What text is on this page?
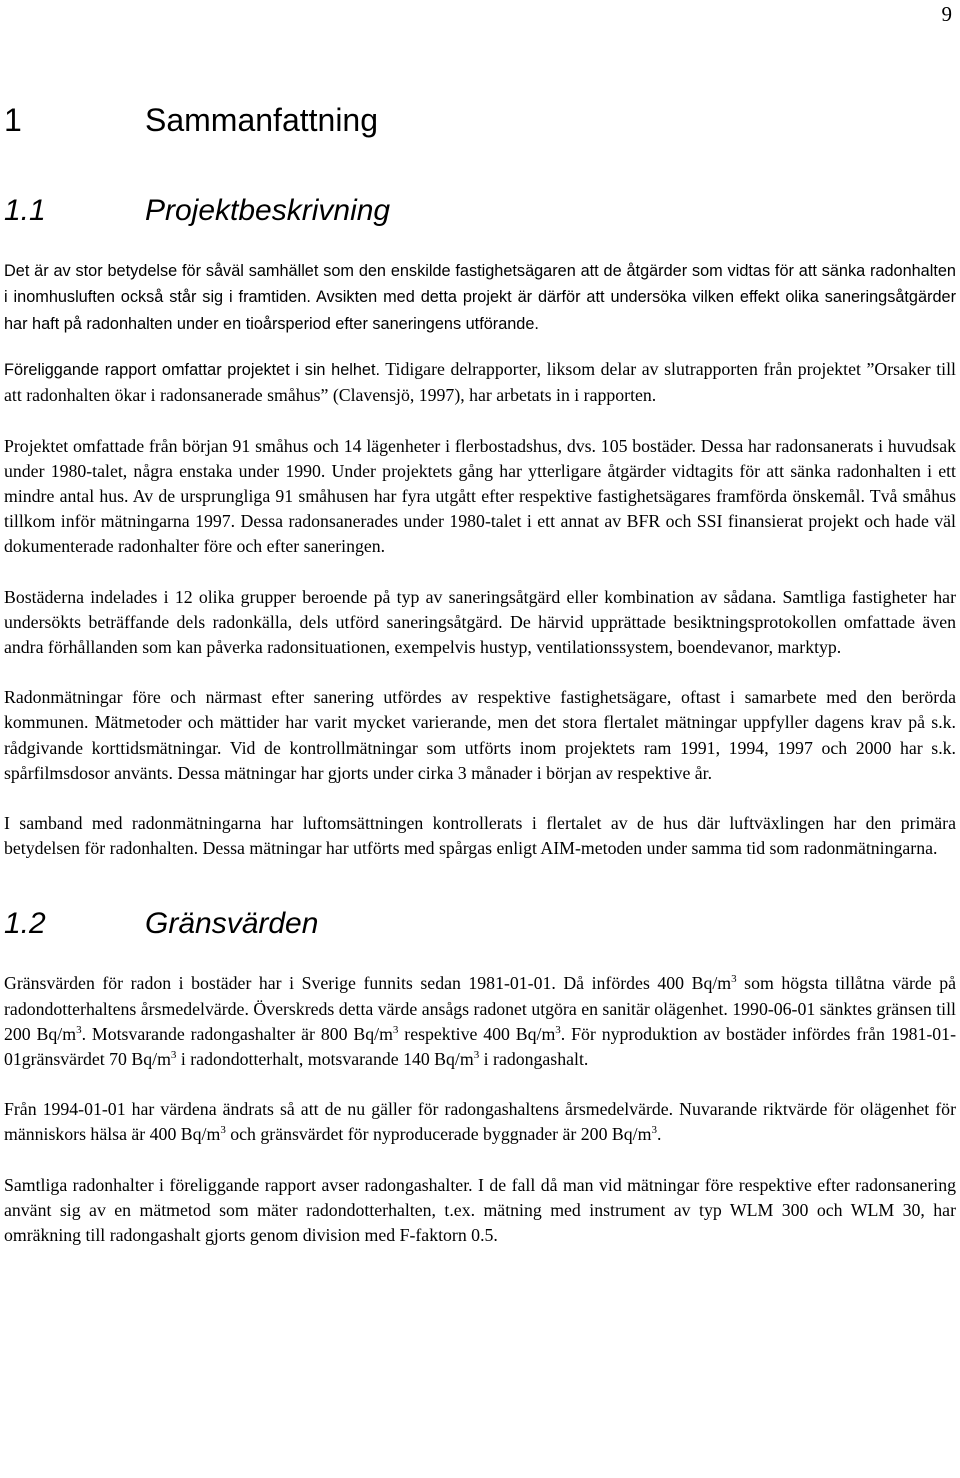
9
1	Sammanfattning
1.1	Projektbeskrivning

Det är av stor betydelse för såväl samhället som den enskilde fastighetsägaren att de åtgärder som vidtas för att sänka radonhalten i inomhusluften också står sig i framtiden. Avsikten med detta projekt är därför att undersöka vilken effekt olika saneringsåtgärder har haft på radonhalten under en tioårsperiod efter saneringens utförande.

Föreliggande rapport omfattar projektet i sin helhet. Tidigare delrapporter, liksom delar av slutrapporten från projektet ”Orsaker till att radonhalten ökar i radonsanerade småhus” (Clavensjö, 1997), har arbetats in i rapporten.

Projektet omfattade från början 91 småhus och 14 lägenheter i flerbostadshus, dvs. 105 bostäder. Dessa har radonsanerats i huvudsak under 1980-talet, några enstaka under 1990. Under projektets gång har ytterligare åtgärder vidtagits för att sänka radonhalten i ett mindre antal hus. Av de ursprungliga 91 småhusen har fyra utgått efter respektive fastighetsägares framförda önskemål. Två småhus tillkom inför mätningarna 1997. Dessa radonsanerades under 1980-talet i ett annat av BFR och SSI finansierat projekt och hade väl dokumenterade radonhalter före och efter saneringen.

Bostäderna indelades i 12 olika grupper beroende på typ av saneringsåtgärd eller kombination av sådana. Samtliga fastigheter har undersökts beträffande dels radonkälla, dels utförd saneringsåtgärd. De härvid upprättade besiktningsprotokollen omfattade även andra förhållanden som kan påverka radonsituationen, exempelvis hustyp, ventilationssystem, boendevanor, marktyp.

Radonmätningar före och närmast efter sanering utfördes av respektive fastighetsägare, oftast i samarbete med den berörda kommunen. Mätmetoder och mättider har varit mycket varierande, men det stora flertalet mätningar uppfyller dagens krav på s.k. rådgivande korttidsmätningar. Vid de kontrollmätningar som utförts inom projektets ram 1991, 1994, 1997 och 2000 har s.k. spårfilmsdosor använts. Dessa mätningar har gjorts under cirka 3 månader i början av respektive år.

I samband med radonmätningarna har luftomsättningen kontrollerats i flertalet av de hus där luftväxlingen har den primära betydelsen för radonhalten. Dessa mätningar har utförts med spårgas enligt AIM-metoden under samma tid som radonmätningarna.

1.2	Gränsvärden

Gränsvärden för radon i bostäder har i Sverige funnits sedan 1981-01-01. Då infördes 400 $Bq/m^3$ som högsta tillåtna värde på radondotterhaltens årsmedelvärde. Överskreds detta värde ansågs radonet utgöra en sanitär olägenhet. 1990-06-01 sänktes gränsen till 200 $Bq/m^3$. Motsvarande radongashalter är 800 $Bq/m^3$ respektive 400 $Bq/m^3$. För nyproduktion av bostäder infördes från 1981-01-01gränsvärdet 70 $Bq/m^3$ i radondotterhalt, motsvarande 140 $Bq/m^3$ i radongashalt.

Från 1994-01-01 har värdena ändrats så att de nu gäller för radongashaltens årsmedelvärde. Nuvarande riktvärde för olägenhet för människors hälsa är 400 $Bq/m^3$ och gränsvärdet för nyproducerade byggnader är 200 $Bq/m^3$.

Samtliga radonhalter i föreliggande rapport avser radongashalter. I de fall då man vid mätningar före respektive efter radonsanering använt sig av en mätmetod som mäter radondotterhalten, t.ex. mätning med instrument av typ WLM 300 och WLM 30, har omräkning till radongashalt gjorts genom division med F-faktorn 0.5.
